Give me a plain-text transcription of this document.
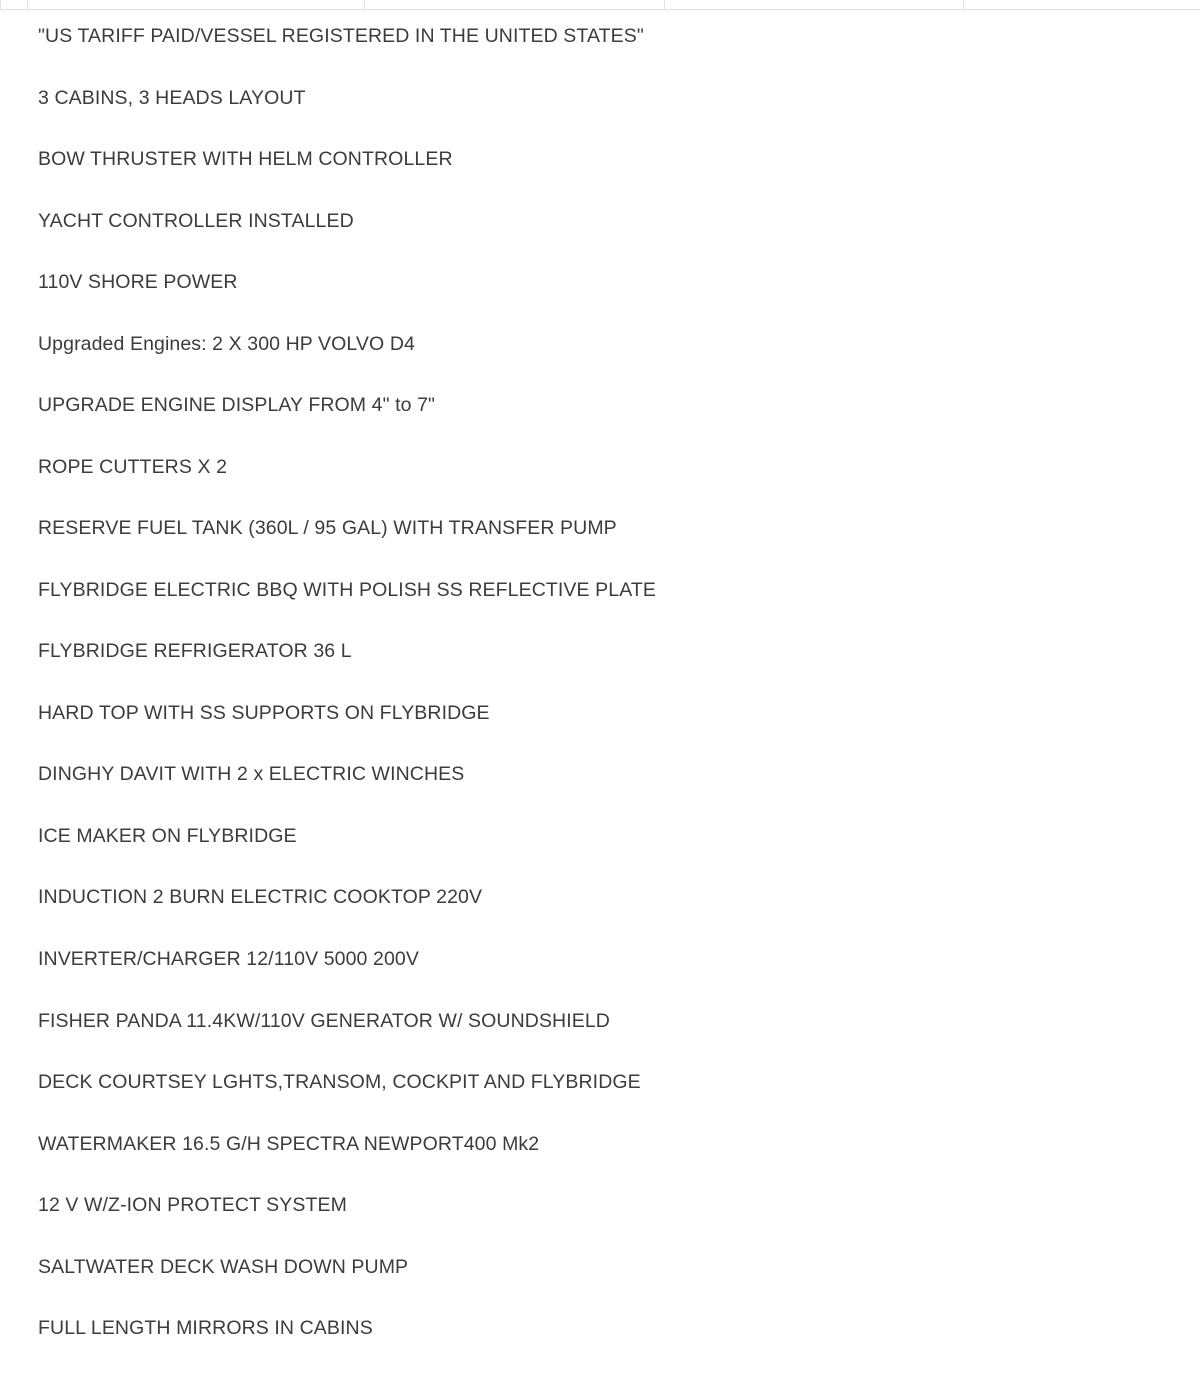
"US TARIFF PAID/VESSEL REGISTERED IN THE UNITED STATES"
3 CABINS, 3 HEADS LAYOUT
BOW THRUSTER WITH HELM CONTROLLER
YACHT CONTROLLER INSTALLED
110V SHORE POWER
Upgraded Engines: 2 X 300 HP VOLVO D4
UPGRADE ENGINE DISPLAY FROM 4" to 7"
ROPE CUTTERS X 2
RESERVE FUEL TANK (360L / 95 GAL) WITH TRANSFER PUMP
FLYBRIDGE ELECTRIC BBQ WITH POLISH SS REFLECTIVE PLATE
FLYBRIDGE REFRIGERATOR 36 L
HARD TOP WITH SS SUPPORTS ON FLYBRIDGE
DINGHY DAVIT WITH 2 x ELECTRIC WINCHES
ICE MAKER ON FLYBRIDGE
INDUCTION 2 BURN ELECTRIC COOKTOP 220V
INVERTER/CHARGER 12/110V 5000 200V
FISHER PANDA 11.4KW/110V GENERATOR W/ SOUNDSHIELD
DECK COURTSEY LGHTS,TRANSOM, COCKPIT AND FLYBRIDGE
WATERMAKER 16.5 G/H SPECTRA NEWPORT400 Mk2
12 V W/Z-ION PROTECT SYSTEM
SALTWATER DECK WASH DOWN PUMP
FULL LENGTH MIRRORS IN CABINS
